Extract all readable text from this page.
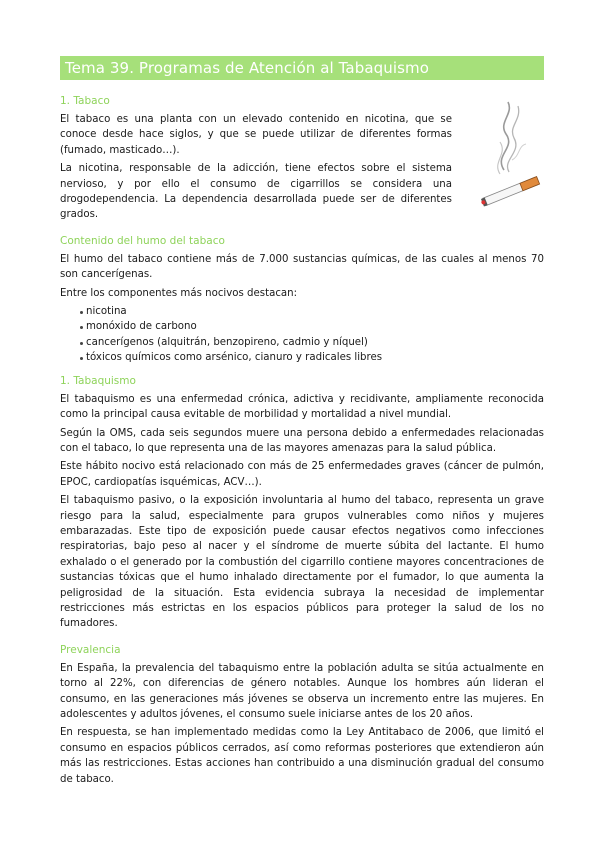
Tema 39. Programas de Atención al Tabaquismo
1. Tabaco
El tabaco es una planta con un elevado contenido en nicotina, que se conoce desde hace siglos, y que se puede utilizar de diferentes formas (fumado, masticado…).
La nicotina, responsable de la adicción, tiene efectos sobre el sistema nervioso, y por ello el consumo de cigarrillos se considera una drogodependencia. La dependencia desarrollada puede ser de diferentes grados.
Contenido del humo del tabaco
El humo del tabaco contiene más de 7.000 sustancias químicas, de las cuales al menos 70 son cancerígenas.
Entre los componentes más nocivos destacan:
nicotina
monóxido de carbono
cancerígenos (alquitrán, benzopireno, cadmio y níquel)
tóxicos químicos como arsénico, cianuro y radicales libres
1. Tabaquismo
El tabaquismo es una enfermedad crónica, adictiva y recidivante, ampliamente reconocida como la principal causa evitable de morbilidad y mortalidad a nivel mundial.
Según la OMS, cada seis segundos muere una persona debido a enfermedades relacionadas con el tabaco, lo que representa una de las mayores amenazas para la salud pública.
Este hábito nocivo está relacionado con más de 25 enfermedades graves (cáncer de pulmón, EPOC, cardiopatías isquémicas, ACV…).
El tabaquismo pasivo, o la exposición involuntaria al humo del tabaco, representa un grave riesgo para la salud, especialmente para grupos vulnerables como niños y mujeres embarazadas. Este tipo de exposición puede causar efectos negativos como infecciones respiratorias, bajo peso al nacer y el síndrome de muerte súbita del lactante. El humo exhalado o el generado por la combustión del cigarrillo contiene mayores concentraciones de sustancias tóxicas que el humo inhalado directamente por el fumador, lo que aumenta la peligrosidad de la situación. Esta evidencia subraya la necesidad de implementar restricciones más estrictas en los espacios públicos para proteger la salud de los no fumadores.
Prevalencia
En España, la prevalencia del tabaquismo entre la población adulta se sitúa actualmente en torno al 22%, con diferencias de género notables. Aunque los hombres aún lideran el consumo, en las generaciones más jóvenes se observa un incremento entre las mujeres. En adolescentes y adultos jóvenes, el consumo suele iniciarse antes de los 20 años.
En respuesta, se han implementado medidas como la Ley Antitabaco de 2006, que limitó el consumo en espacios públicos cerrados, así como reformas posteriores que extendieron aún más las restricciones. Estas acciones han contribuido a una disminución gradual del consumo de tabaco.
